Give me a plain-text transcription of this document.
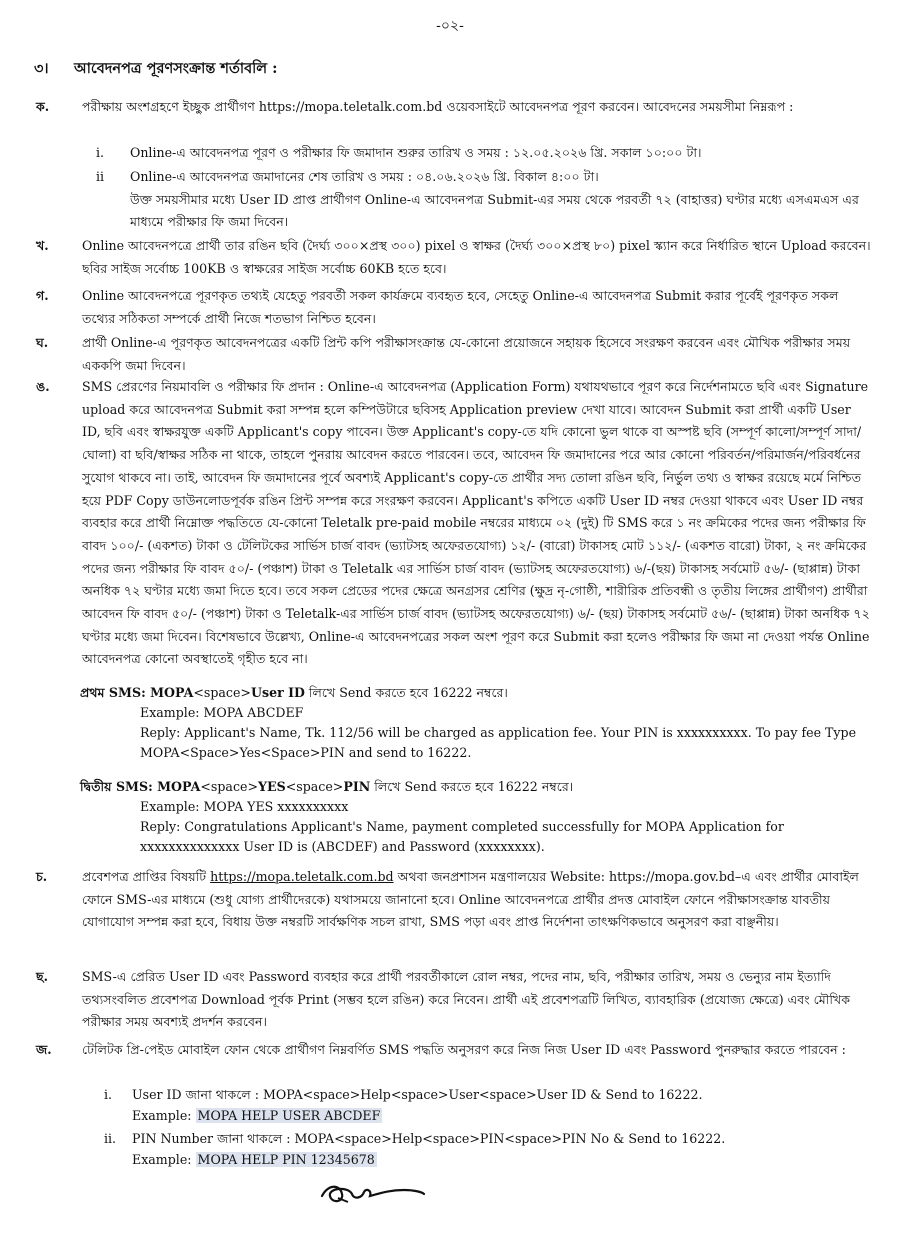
-০২-
৩। আবেদনপত্র পূরণসংক্রান্ত শর্তাবলি :
ক.	পরীক্ষায় অংশগ্রহণে ইচ্ছুক প্রার্থীগণ https://mopa.teletalk.com.bd ওয়েবসাইটে আবেদনপত্র পূরণ করবেন। আবেদনের সময়সীমা নিম্নরূপ :
i. Online-এ আবেদনপত্র পূরণ ও পরীক্ষার ফি জমাদান শুরুর তারিখ ও সময় : ১২.০৫.২০২৬ খ্রি. সকাল ১০:০০ টা।
ii Online-এ আবেদনপত্র জমাদানের শেষ তারিখ ও সময় : ০৪.০৬.২০২৬ খ্রি. বিকাল ৪:০০ টা।
উক্ত সময়সীমার মধ্যে User ID প্রাপ্ত প্রার্থীগণ Online-এ আবেদনপত্র Submit-এর সময় থেকে পরবর্তী ৭২ (বাহাত্তর) ঘণ্টার মধ্যে এসএমএস এর মাধ্যমে পরীক্ষার ফি জমা দিবেন।
খ.	Online আবেদনপত্রে প্রার্থী তার রঙিন ছবি (দৈর্ঘ্য ৩০০×প্রস্থ ৩০০) pixel ও স্বাক্ষর (দৈর্ঘ্য ৩০০×প্রস্থ ৮০) pixel স্ক্যান করে নির্ধারিত স্থানে Upload করবেন। ছবির সাইজ সর্বোচ্চ 100KB ও স্বাক্ষরের সাইজ সর্বোচ্চ 60KB হতে হবে।
গ.	Online আবেদনপত্রে পূরণকৃত তথ্যই যেহেতু পরবর্তী সকল কার্যক্রমে ব্যবহৃত হবে, সেহেতু Online-এ আবেদনপত্র Submit করার পূর্বেই পূরণকৃত সকল তথ্যের সঠিকতা সম্পর্কে প্রার্থী নিজে শতভাগ নিশ্চিত হবেন।
ঘ.	প্রার্থী Online-এ পূরণকৃত আবেদনপত্রের একটি প্রিন্ট কপি পরীক্ষাসংক্রান্ত যে-কোনো প্রয়োজনে সহায়ক হিসেবে সংরক্ষণ করবেন এবং মৌখিক পরীক্ষার সময় এককপি জমা দিবেন।
ঙ.	SMS প্রেরণের নিয়মাবলি ও পরীক্ষার ফি প্রদান : Online-এ আবেদনপত্র (Application Form) যথাযথভাবে পূরণ করে নির্দেশনামতে ছবি এবং Signature upload করে আবেদনপত্র Submit করা সম্পন্ন হলে কম্পিউটারে ছবিসহ Application preview দেখা যাবে। আবেদন Submit করা প্রার্থী একটি User ID, ছবি এবং স্বাক্ষরযুক্ত একটি Applicant's copy পাবেন। উক্ত Applicant's copy-তে যদি কোনো ভুল থাকে বা অস্পষ্ট ছবি (সম্পূর্ণ কালো/সম্পূর্ণ সাদা/ঘোলা) বা ছবি/স্বাক্ষর সঠিক না থাকে, তাহলে পুনরায় আবেদন করতে পারবেন। তবে, আবেদন ফি জমাদানের পরে আর কোনো পরিবর্তন/পরিমার্জন/পরিবর্ধনের সুযোগ থাকবে না। তাই, আবেদন ফি জমাদানের পূর্বে অবশ্যই Applicant's copy-তে প্রার্থীর সদ্য তোলা রঙিন ছবি, নির্ভুল তথ্য ও স্বাক্ষর রয়েছে মর্মে নিশ্চিত হয়ে PDF Copy ডাউনলোডপূর্বক রঙিন প্রিন্ট সম্পন্ন করে সংরক্ষণ করবেন। Applicant's কপিতে একটি User ID নম্বর দেওয়া থাকবে এবং User ID নম্বর ব্যবহার করে প্রার্থী নিম্নোক্ত পদ্ধতিতে যে-কোনো Teletalk pre-paid mobile নম্বরের মাধ্যমে ০২ (দুই) টি SMS করে ১ নং ক্রমিকের পদের জন্য পরীক্ষার ফি বাবদ ১০০/- (একশত) টাকা ও টেলিটকের সার্ভিস চার্জ বাবদ (ভ্যাটসহ অফেরতযোগ্য) ১২/- (বারো) টাকাসহ মোট ১১২/- (একশত বারো) টাকা, ২ নং ক্রমিকের পদের জন্য পরীক্ষার ফি বাবদ ৫০/- (পঞ্চাশ) টাকা ও Teletalk এর সার্ভিস চার্জ বাবদ (ভ্যাটসহ অফেরতযোগ্য) ৬/-(ছয়) টাকাসহ সর্বমোট ৫৬/- (ছাপ্পান্ন) টাকা অনধিক ৭২ ঘণ্টার মধ্যে জমা দিতে হবে। তবে সকল প্রেডের পদের ক্ষেত্রে অনগ্রসর শ্রেণির (ক্ষুদ্র নৃ-গোষ্ঠী, শারীরিক প্রতিবন্ধী ও তৃতীয় লিঙ্গের প্রার্থীগণ) প্রার্থীরা আবেদন ফি বাবদ ৫০/- (পঞ্চাশ) টাকা ও Teletalk-এর সার্ভিস চার্জ বাবদ (ভ্যাটসহ অফেরতযোগ্য) ৬/- (ছয়) টাকাসহ সর্বমোট ৫৬/- (ছাপ্পান্ন) টাকা অনধিক ৭২ ঘণ্টার মধ্যে জমা দিবেন। বিশেষভাবে উল্লেখ্য, Online-এ আবেদনপত্রের সকল অংশ পূরণ করে Submit করা হলেও পরীক্ষার ফি জমা না দেওয়া পর্যন্ত Online আবেদনপত্র কোনো অবস্থাতেই গৃহীত হবে না।
প্রথম SMS: MOPA<space>User ID লিখে Send করতে হবে 16222 নম্বরে।
Example: MOPA ABCDEF
Reply: Applicant's Name, Tk. 112/56 will be charged as application fee. Your PIN is xxxxxxxxxx. To pay fee Type MOPA<Space>Yes<Space>PIN and send to 16222.
দ্বিতীয় SMS: MOPA<space>YES<space>PIN লিখে Send করতে হবে 16222 নম্বরে।
Example: MOPA YES xxxxxxxxxx
Reply: Congratulations Applicant's Name, payment completed successfully for MOPA Application for xxxxxxxxxxxxxx User ID is (ABCDEF) and Password (xxxxxxxx).
চ.	প্রবেশপত্র প্রাপ্তির বিষয়টি https://mopa.teletalk.com.bd অথবা জনপ্রশাসন মন্ত্রণালয়ের Website: https://mopa.gov.bd–এ এবং প্রার্থীর মোবাইল ফোনে SMS-এর মাধ্যমে (শুধু যোগ্য প্রার্থীদেরকে) যথাসময়ে জানানো হবে। Online আবেদনপত্রে প্রার্থীর প্রদত্ত মোবাইল ফোনে পরীক্ষাসংক্রান্ত যাবতীয় যোগাযোগ সম্পন্ন করা হবে, বিধায় উক্ত নম্বরটি সার্বক্ষণিক সচল রাখা, SMS পড়া এবং প্রাপ্ত নির্দেশনা তাৎক্ষণিকভাবে অনুসরণ করা বাঞ্ছনীয়।
ছ.	SMS-এ প্রেরিত User ID এবং Password ব্যবহার করে প্রার্থী পরবর্তীকালে রোল নম্বর, পদের নাম, ছবি, পরীক্ষার তারিখ, সময় ও ভেন্যুর নাম ইত্যাদি তথ্যসংবলিত প্রবেশপত্র Download পূর্বক Print (সম্ভব হলে রঙিন) করে নিবেন। প্রার্থী এই প্রবেশপত্রটি লিখিত, ব্যাবহারিক (প্রযোজ্য ক্ষেত্রে) এবং মৌখিক পরীক্ষার সময় অবশ্যই প্রদর্শন করবেন।
জ. টেলিটক প্রি-পেইড মোবাইল ফোন থেকে প্রার্থীগণ নিম্নবর্ণিত SMS পদ্ধতি অনুসরণ করে নিজ নিজ User ID এবং Password পুনরুদ্ধার করতে পারবেন :
i. User ID জানা থাকলে : MOPA<space>Help<space>User<space>User ID & Send to 16222.
Example: MOPA HELP USER ABCDEF
ii. PIN Number জানা থাকলে : MOPA<space>Help<space>PIN<space>PIN No & Send to 16222.
Example: MOPA HELP PIN 12345678
